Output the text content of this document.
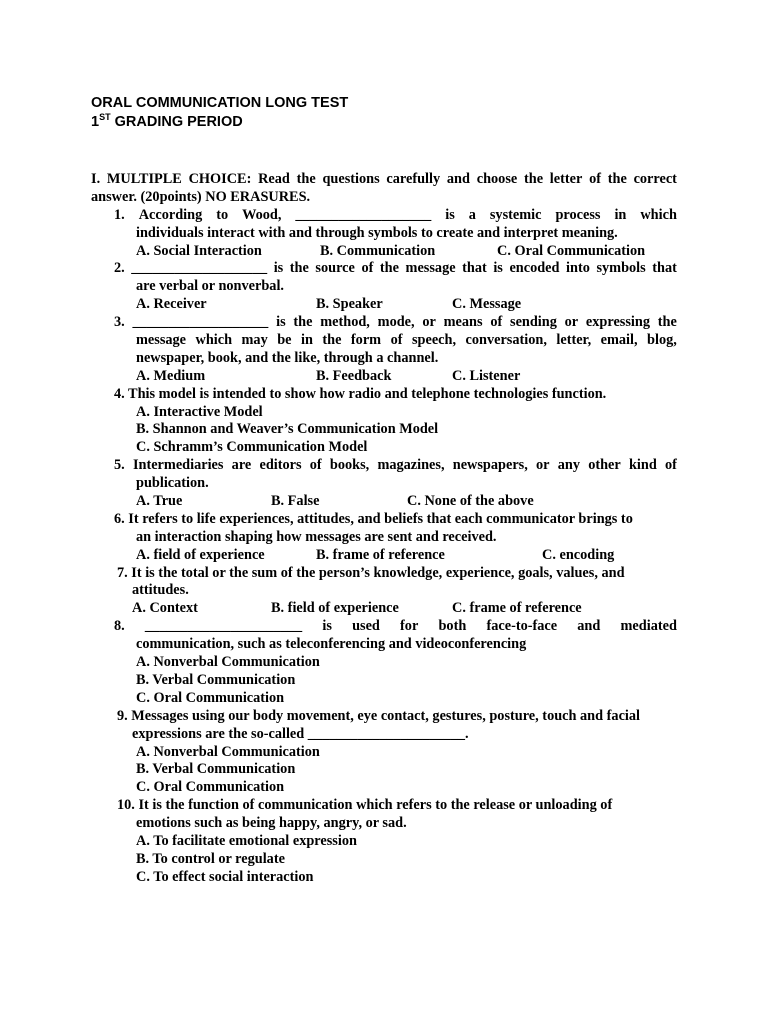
ORAL COMMUNICATION LONG TEST
1ST GRADING PERIOD
I. MULTIPLE CHOICE: Read the questions carefully and choose the letter of the correct
answer. (20points) NO ERASURES.
1. According to Wood, ___________________ is a systemic process in which
individuals interact with and through symbols to create and interpret meaning.
A. Social Interaction	B. Communication	C. Oral Communication
2. ___________________ is the source of the message that is encoded into symbols that
are verbal or nonverbal.
A. Receiver	B. Speaker	C. Message
3. ___________________ is the method, mode, or means of sending or expressing the
message which may be in the form of speech, conversation, letter, email, blog,
newspaper, book, and the like, through a channel.
A. Medium	B. Feedback	C. Listener
4. This model is intended to show how radio and telephone technologies function.
A. Interactive Model
B. Shannon and Weaver’s Communication Model
C. Schramm’s Communication Model
5. Intermediaries are editors of books, magazines, newspapers, or any other kind of
publication.
A. True	B. False	C. None of the above
6. It refers to life experiences, attitudes, and beliefs that each communicator brings to
an interaction shaping how messages are sent and received.
A. field of experience	B. frame of reference	C. encoding
7. It is the total or the sum of the person’s knowledge, experience, goals, values, and
attitudes.
A. Context	B. field of experience	C. frame of reference
8. ______________________ is used for both face-to-face and mediated
communication, such as teleconferencing and videoconferencing
A. Nonverbal Communication
B. Verbal Communication
C. Oral Communication
9. Messages using our body movement, eye contact, gestures, posture, touch and facial
expressions are the so-called ______________________.
A. Nonverbal Communication
B. Verbal Communication
C. Oral Communication
10. It is the function of communication which refers to the release or unloading of
emotions such as being happy, angry, or sad.
A. To facilitate emotional expression
B. To control or regulate
C. To effect social interaction
